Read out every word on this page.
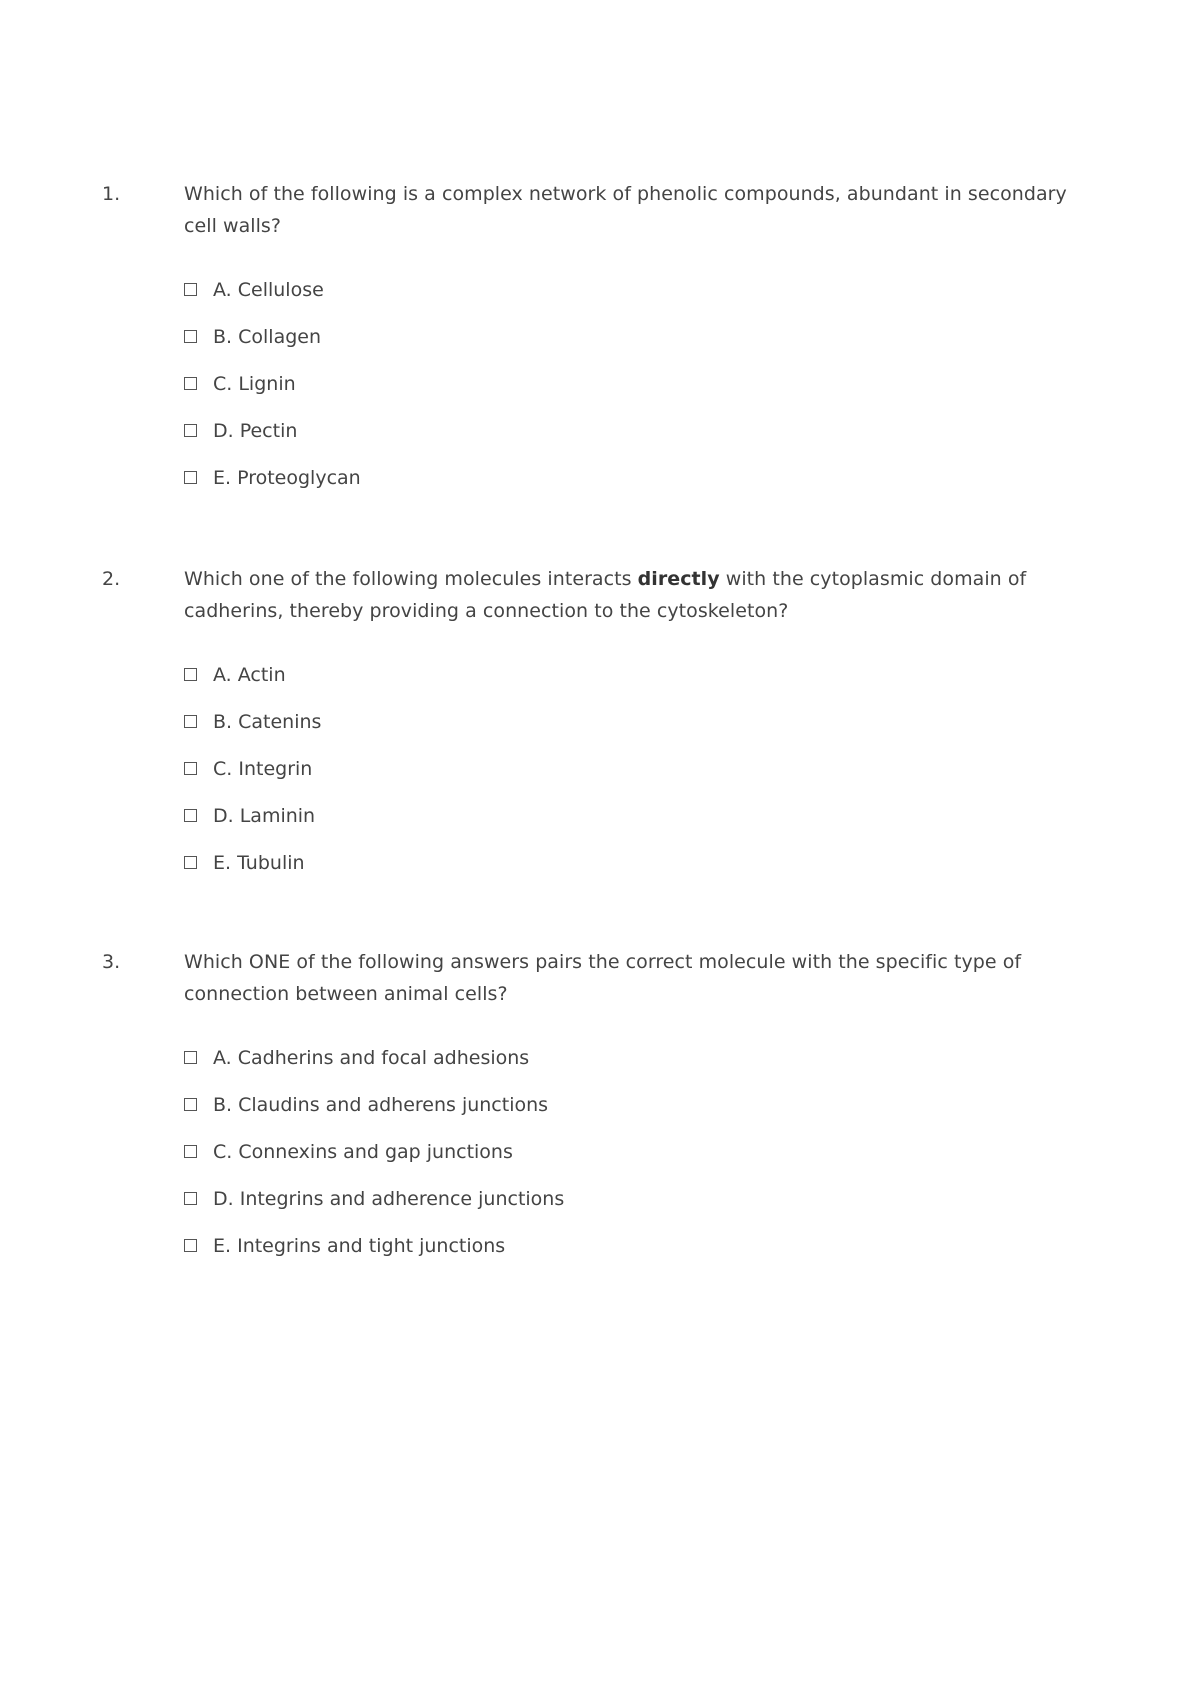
1.	Which of the following is a complex network of phenolic compounds, abundant in secondary cell walls?
A. Cellulose
B. Collagen
C. Lignin
D. Pectin
E. Proteoglycan
2.	Which one of the following molecules interacts directly with the cytoplasmic domain of cadherins, thereby providing a connection to the cytoskeleton?
A. Actin
B. Catenins
C. Integrin
D. Laminin
E. Tubulin
3.	Which ONE of the following answers pairs the correct molecule with the specific type of connection between animal cells?
A. Cadherins and focal adhesions
B. Claudins and adherens junctions
C. Connexins and gap junctions
D. Integrins and adherence junctions
E. Integrins and tight junctions
